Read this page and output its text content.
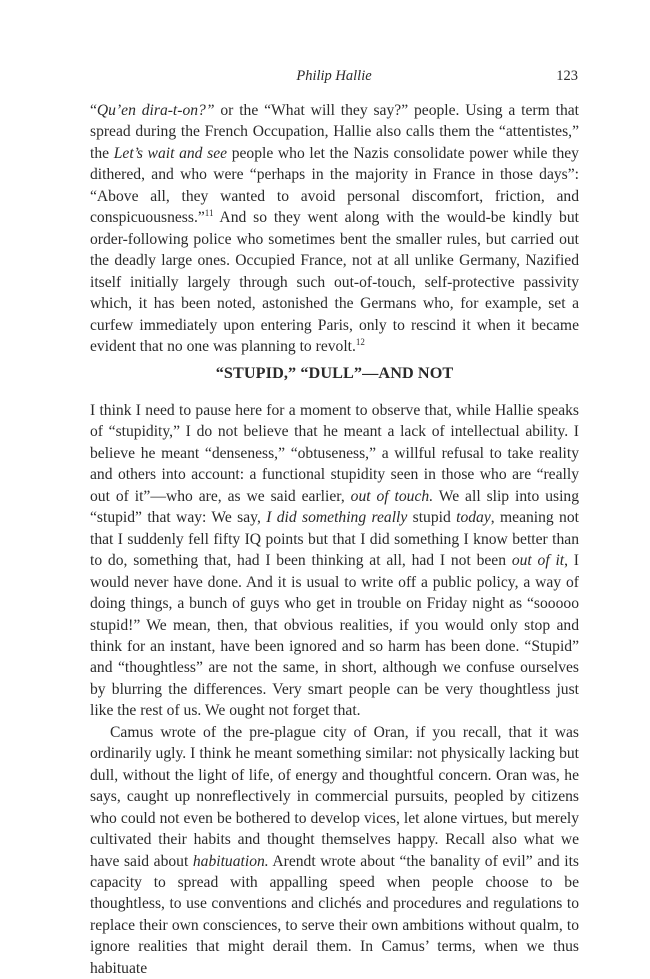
Philip Hallie	123

“Qu’en dira-t-on?” or the “What will they say?” people. Using a term that spread during the French Occupation, Hallie also calls them the “attentistes,” the Let’s wait and see people who let the Nazis consolidate power while they dithered, and who were “perhaps in the majority in France in those days”: “Above all, they wanted to avoid personal discomfort, friction, and conspicuousness.”$^{11}$ And so they went along with the would-be kindly but order-following police who sometimes bent the smaller rules, but carried out the deadly large ones. Occupied France, not at all unlike Germany, Nazified itself initially largely through such out-of-touch, self-protective passivity which, it has been noted, astonished the Germans who, for example, set a curfew immediately upon entering Paris, only to rescind it when it became evident that no one was planning to revolt.$^{12}$

“STUPID,” “DULL”—AND NOT

I think I need to pause here for a moment to observe that, while Hallie speaks of “stupidity,” I do not believe that he meant a lack of intellectual ability. I believe he meant “denseness,” “obtuseness,” a willful refusal to take reality and others into account: a functional stupidity seen in those who are “really out of it”—who are, as we said earlier, out of touch. We all slip into using “stupid” that way: We say, I did something really stupid today, meaning not that I suddenly fell fifty IQ points but that I did something I know better than to do, something that, had I been thinking at all, had I not been out of it, I would never have done. And it is usual to write off a public policy, a way of doing things, a bunch of guys who get in trouble on Friday night as “sooooo stupid!” We mean, then, that obvious realities, if you would only stop and think for an instant, have been ignored and so harm has been done. “Stupid” and “thoughtless” are not the same, in short, although we confuse ourselves by blurring the differences. Very smart people can be very thoughtless just like the rest of us. We ought not forget that.

Camus wrote of the pre-plague city of Oran, if you recall, that it was ordinarily ugly. I think he meant something similar: not physically lacking but dull, without the light of life, of energy and thoughtful concern. Oran was, he says, caught up nonreflectively in commercial pursuits, peopled by citizens who could not even be bothered to develop vices, let alone virtues, but merely cultivated their habits and thought themselves happy. Recall also what we have said about habituation. Arendt wrote about “the banality of evil” and its capacity to spread with appalling speed when people choose to be thoughtless, to use conventions and clichés and procedures and regulations to replace their own consciences, to serve their own ambitions without qualm, to ignore realities that might derail them. In Camus’ terms, when we thus habituate
